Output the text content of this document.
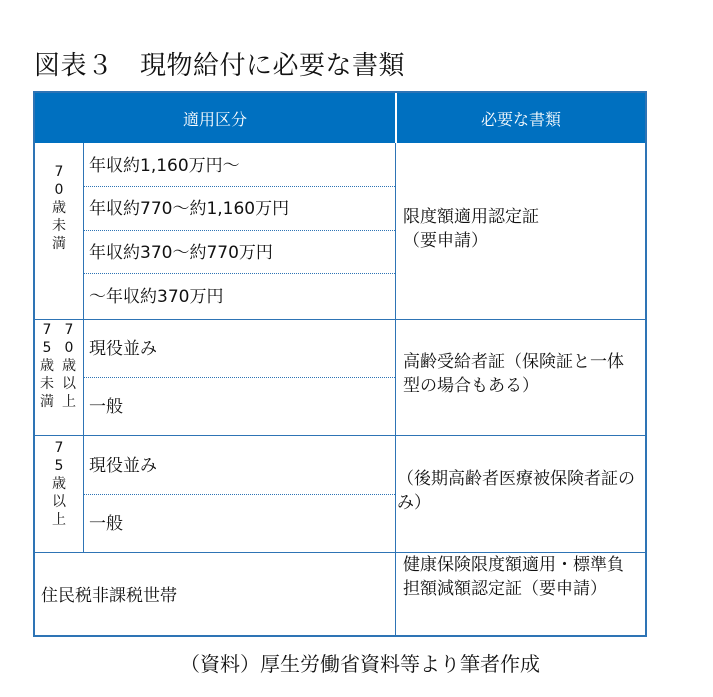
図表３　現物給付に必要な書類
適用区分	必要な書類
70歳未満
年収約1,160万円～
年収約770～約1,160万円
年収約370～約770万円
～年収約370万円
限度額適用認定証
（要申請）
75歳未満
70歳以上
現役並み
一般
高齢受給者証（保険証と一体型の場合もある）
75歳以上
現役並み
一般
（後期高齢者医療被保険者証のみ）
住民税非課税世帯
健康保険限度額適用・標準負担額減額認定証（要申請）
（資料）厚生労働省資料等より筆者作成
